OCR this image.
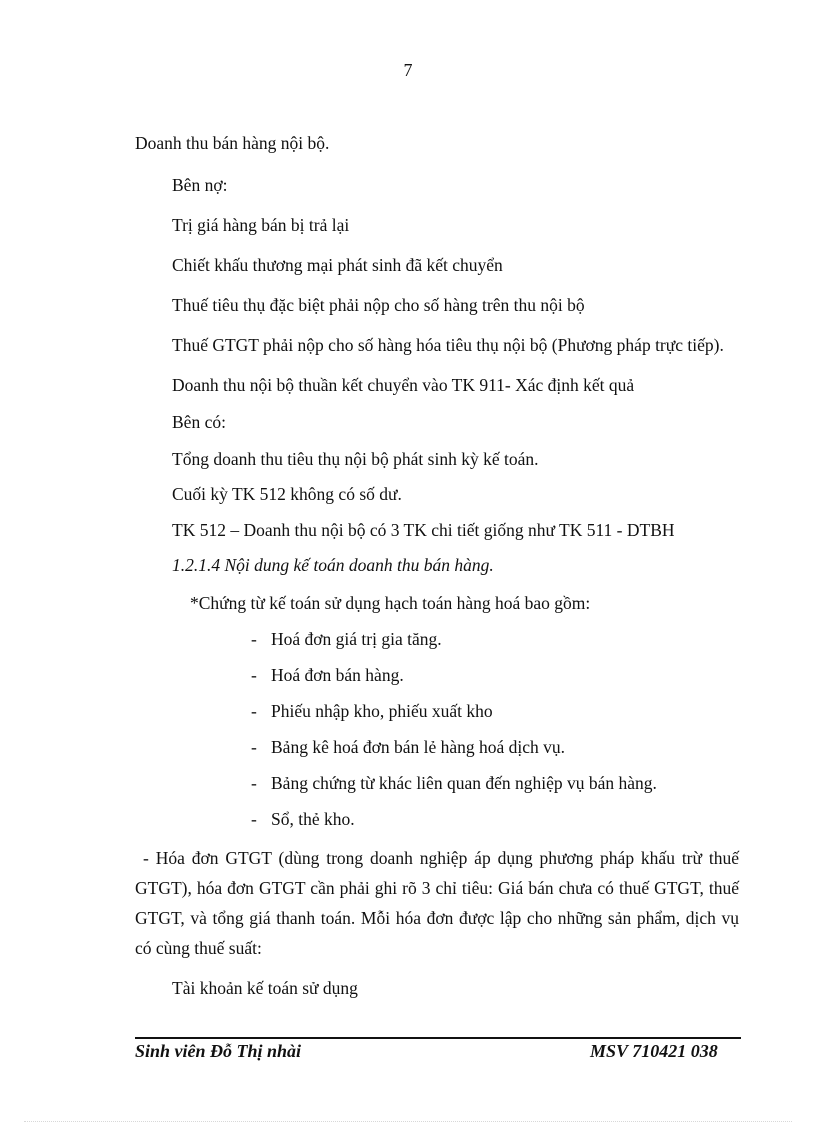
7
Doanh thu bán hàng nội bộ.
Bên nợ:
Trị giá hàng bán bị trả lại
Chiết khấu thương mại phát sinh đã kết chuyển
Thuế tiêu thụ đặc biệt phải nộp cho số hàng trên thu nội bộ
Thuế GTGT phải nộp cho số hàng hóa tiêu thụ nội bộ (Phương pháp trực tiếp).
Doanh thu nội bộ thuần kết chuyển vào TK 911- Xác định kết quả
Bên có:
Tổng doanh thu tiêu thụ nội bộ phát sinh kỳ kế toán.
Cuối kỳ TK 512 không có số dư.
TK 512 – Doanh thu nội bộ có 3 TK chi tiết giống như TK 511 - DTBH
1.2.1.4 Nội dung kế toán doanh thu bán hàng.
*Chứng từ kế toán sử dụng hạch toán hàng hoá bao gồm:
- Hoá đơn giá trị gia tăng.
- Hoá đơn bán hàng.
- Phiếu nhập kho, phiếu xuất kho
- Bảng kê hoá đơn bán lẻ hàng hoá dịch vụ.
- Bảng chứng từ khác liên quan đến nghiệp vụ bán hàng.
- Sổ, thẻ kho.
- Hóa đơn GTGT (dùng trong doanh nghiệp áp dụng phương pháp khấu trừ thuế GTGT), hóa đơn GTGT cần phải ghi rõ 3 chỉ tiêu: Giá bán chưa có thuế GTGT, thuế GTGT, và tổng giá thanh toán. Mỗi hóa đơn được lập cho những sản phẩm, dịch vụ có cùng thuế suất:
Tài khoản kế toán sử dụng
Sinh viên Đỗ Thị nhài	MSV 710421 038
